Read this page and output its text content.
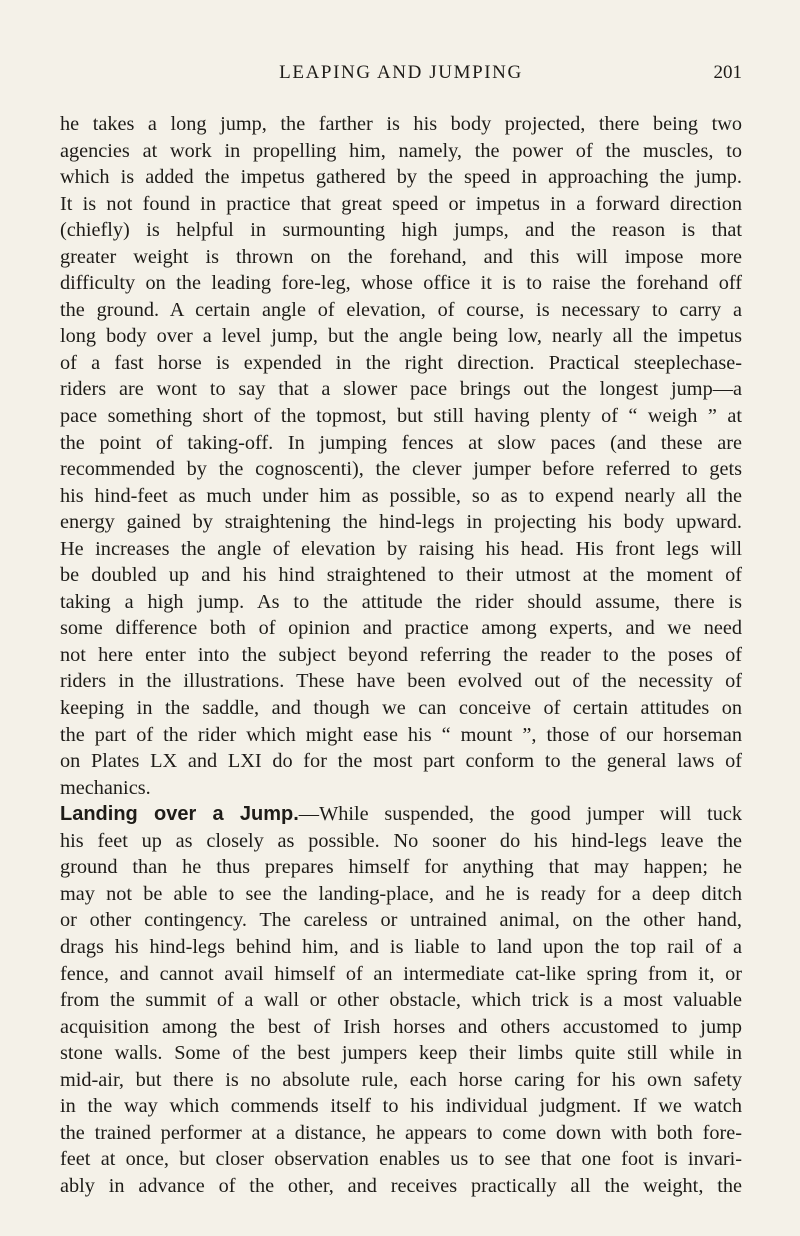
LEAPING AND JUMPING	201
he takes a long jump, the farther is his body projected, there being two
agencies at work in propelling him, namely, the power of the muscles, to
which is added the impetus gathered by the speed in approaching the jump.
It is not found in practice that great speed or impetus in a forward direction
(chiefly) is helpful in surmounting high jumps, and the reason is that
greater weight is thrown on the forehand, and this will impose more
difficulty on the leading fore-leg, whose office it is to raise the forehand off
the ground. A certain angle of elevation, of course, is necessary to carry a
long body over a level jump, but the angle being low, nearly all the impetus
of a fast horse is expended in the right direction. Practical steeplechase-
riders are wont to say that a slower pace brings out the longest jump—a
pace something short of the topmost, but still having plenty of “ weigh ” at
the point of taking-off. In jumping fences at slow paces (and these are
recommended by the cognoscenti), the clever jumper before referred to gets
his hind-feet as much under him as possible, so as to expend nearly all the
energy gained by straightening the hind-legs in projecting his body upward.
He increases the angle of elevation by raising his head. His front legs will
be doubled up and his hind straightened to their utmost at the moment of
taking a high jump. As to the attitude the rider should assume, there is
some difference both of opinion and practice among experts, and we need
not here enter into the subject beyond referring the reader to the poses of
riders in the illustrations. These have been evolved out of the necessity of
keeping in the saddle, and though we can conceive of certain attitudes on
the part of the rider which might ease his “ mount ”, those of our horseman
on Plates LX and LXI do for the most part conform to the general laws of
mechanics.
Landing over a Jump.—While suspended, the good jumper will tuck
his feet up as closely as possible. No sooner do his hind-legs leave the
ground than he thus prepares himself for anything that may happen; he
may not be able to see the landing-place, and he is ready for a deep ditch
or other contingency. The careless or untrained animal, on the other hand,
drags his hind-legs behind him, and is liable to land upon the top rail of a
fence, and cannot avail himself of an intermediate cat-like spring from it, or
from the summit of a wall or other obstacle, which trick is a most valuable
acquisition among the best of Irish horses and others accustomed to jump
stone walls. Some of the best jumpers keep their limbs quite still while in
mid-air, but there is no absolute rule, each horse caring for his own safety
in the way which commends itself to his individual judgment. If we watch
the trained performer at a distance, he appears to come down with both fore-
feet at once, but closer observation enables us to see that one foot is invari-
ably in advance of the other, and receives practically all the weight, the
